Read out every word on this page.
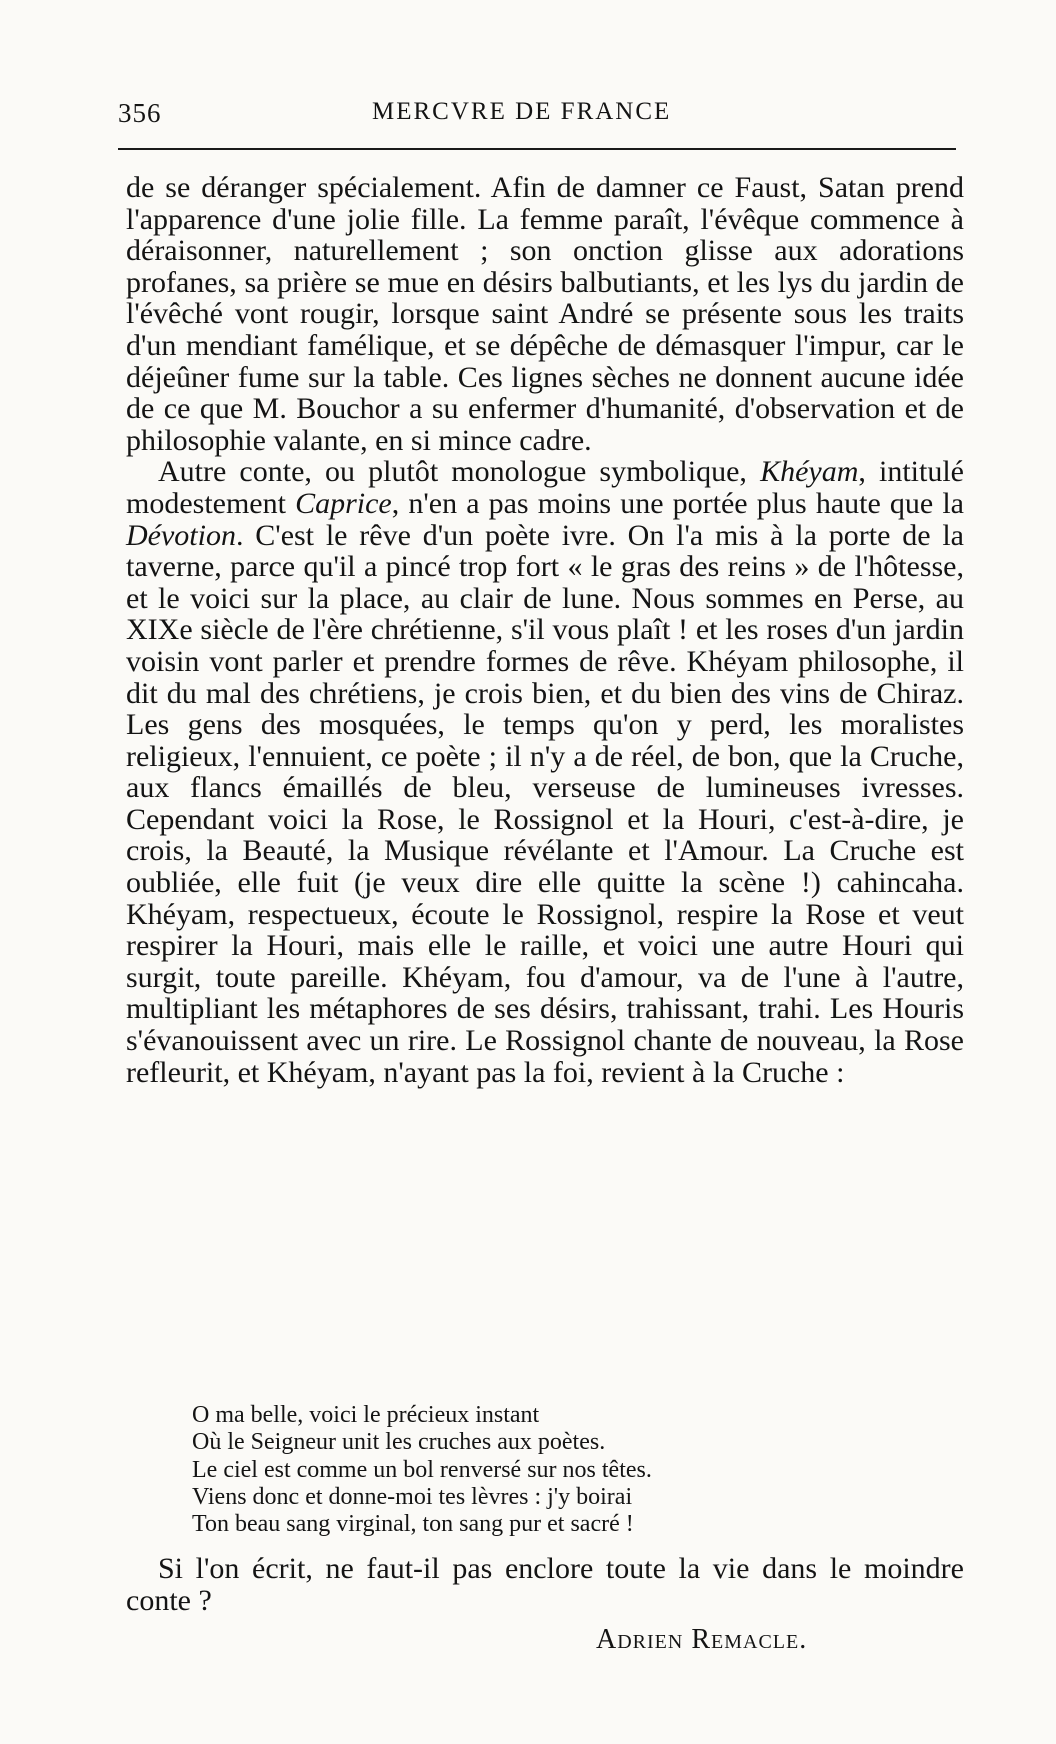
356	MERCVRE DE FRANCE

de se déranger spécialement. Afin de damner ce Faust, Satan prend l'apparence d'une jolie fille. La femme paraît, l'évêque commence à déraisonner, naturellement ; son onction glisse aux adorations profanes, sa prière se mue en désirs balbutiants, et les lys du jardin de l'évêché vont rougir, lorsque saint André se présente sous les traits d'un mendiant famélique, et se dépêche de démasquer l'impur, car le déjeûner fume sur la table. Ces lignes sèches ne donnent aucune idée de ce que M. Bouchor a su enfermer d'humanité, d'observation et de philosophie valante, en si mince cadre.

Autre conte, ou plutôt monologue symbolique, Khéyam, intitulé modestement Caprice, n'en a pas moins une portée plus haute que la Dévotion. C'est le rêve d'un poète ivre. On l'a mis à la porte de la taverne, parce qu'il a pincé trop fort « le gras des reins » de l'hôtesse, et le voici sur la place, au clair de lune. Nous sommes en Perse, au XIXe siècle de l'ère chrétienne, s'il vous plaît ! et les roses d'un jardin voisin vont parler et prendre formes de rêve. Khéyam philosophe, il dit du mal des chrétiens, je crois bien, et du bien des vins de Chiraz. Les gens des mosquées, le temps qu'on y perd, les moralistes religieux, l'ennuient, ce poète ; il n'y a de réel, de bon, que la Cruche, aux flancs émaillés de bleu, verseuse de lumineuses ivresses. Cependant voici la Rose, le Rossignol et la Houri, c'est-à-dire, je crois, la Beauté, la Musique révélante et l'Amour. La Cruche est oubliée, elle fuit (je veux dire elle quitte la scène !) cahincaha. Khéyam, respectueux, écoute le Rossignol, respire la Rose et veut respirer la Houri, mais elle le raille, et voici une autre Houri qui surgit, toute pareille. Khéyam, fou d'amour, va de l'une à l'autre, multipliant les métaphores de ses désirs, trahissant, trahi. Les Houris s'évanouissent avec un rire. Le Rossignol chante de nouveau, la Rose refleurit, et Khéyam, n'ayant pas la foi, revient à la Cruche :

O ma belle, voici le précieux instant
Où le Seigneur unit les cruches aux poètes.
Le ciel est comme un bol renversé sur nos têtes.
Viens donc et donne-moi tes lèvres : j'y boirai
Ton beau sang virginal, ton sang pur et sacré !
Si l'on écrit, ne faut-il pas enclore toute la vie dans le moindre conte ?
Adrien Remacle.
